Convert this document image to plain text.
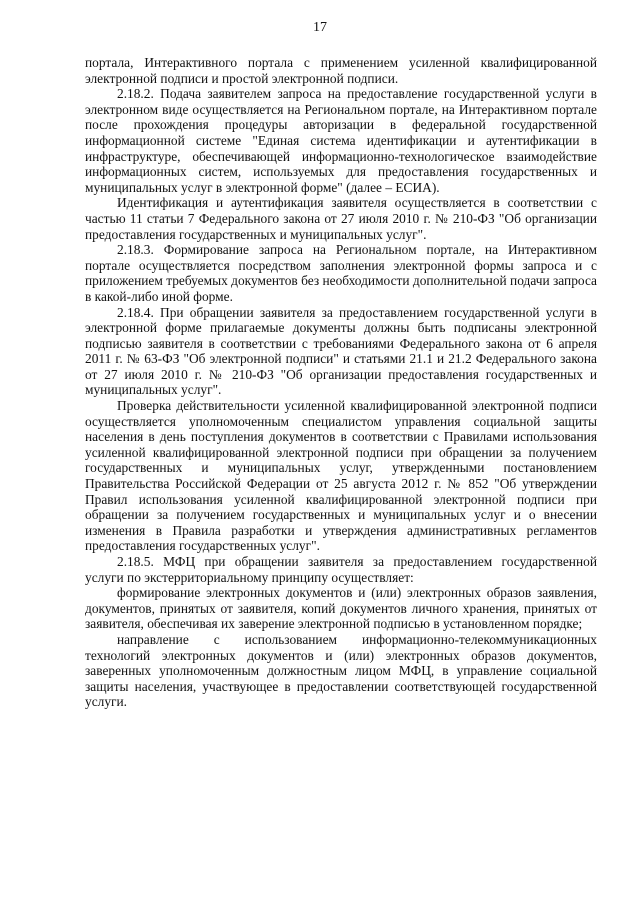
17

портала, Интерактивного портала с применением усиленной квалифицированной электронной подписи и простой электронной подписи.

2.18.2. Подача заявителем запроса на предоставление государственной услуги в электронном виде осуществляется на Региональном портале, на Интерактивном портале после прохождения процедуры авторизации в федеральной государственной информационной системе "Единая система идентификации и аутентификации в инфраструктуре, обеспечивающей информационно-технологическое взаимодействие информационных систем, используемых для предоставления государственных и муниципальных услуг в электронной форме" (далее – ЕСИА).

Идентификация и аутентификация заявителя осуществляется в соответствии с частью 11 статьи 7 Федерального закона от 27 июля 2010 г. № 210-ФЗ "Об организации предоставления государственных и муниципальных услуг".

2.18.3. Формирование запроса на Региональном портале, на Интерактивном портале осуществляется посредством заполнения электронной формы запроса и с приложением требуемых документов без необходимости дополнительной подачи запроса в какой-либо иной форме.

2.18.4. При обращении заявителя за предоставлением государственной услуги в электронной форме прилагаемые документы должны быть подписаны электронной подписью заявителя в соответствии с требованиями Федерального закона от 6 апреля 2011 г. № 63-ФЗ "Об электронной подписи" и статьями 21.1 и 21.2 Федерального закона от 27 июля 2010 г. № 210-ФЗ "Об организации предоставления государственных и муниципальных услуг".

Проверка действительности усиленной квалифицированной электронной подписи осуществляется уполномоченным специалистом управления социальной защиты населения в день поступления документов в соответствии с Правилами использования усиленной квалифицированной электронной подписи при обращении за получением государственных и муниципальных услуг, утвержденными постановлением Правительства Российской Федерации от 25 августа 2012 г. № 852 "Об утверждении Правил использования усиленной квалифицированной электронной подписи при обращении за получением государственных и муниципальных услуг и о внесении изменения в Правила разработки и утверждения административных регламентов предоставления государственных услуг".

2.18.5. МФЦ при обращении заявителя за предоставлением государственной услуги по экстерриториальному принципу осуществляет:

формирование электронных документов и (или) электронных образов заявления, документов, принятых от заявителя, копий документов личного хранения, принятых от заявителя, обеспечивая их заверение электронной подписью в установленном порядке;

направление с использованием информационно-телекоммуникационных технологий электронных документов и (или) электронных образов документов, заверенных уполномоченным должностным лицом МФЦ, в управление социальной защиты населения, участвующее в предоставлении соответствующей государственной услуги.
